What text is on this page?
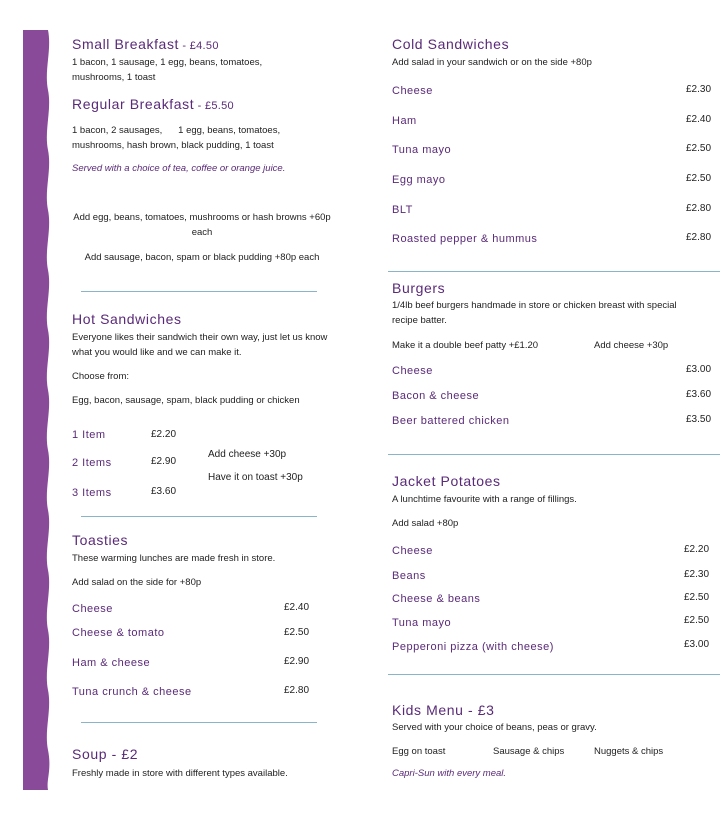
Small Breakfast - £4.50
1 bacon, 1 sausage, 1 egg, beans, tomatoes, mushrooms, 1 toast
Regular Breakfast - £5.50
1 bacon, 2 sausages,      1 egg, beans, tomatoes,
mushrooms, hash brown, black pudding, 1 toast
Served with a choice of tea, coffee or orange juice.
Add egg, beans, tomatoes, mushrooms or hash browns +60p each
Add sausage, bacon, spam or black pudding +80p each
Hot Sandwiches
Everyone likes their sandwich their own way, just let us know what you would like and we can make it.
Choose from:
Egg, bacon, sausage, spam, black pudding or chicken
1 Item	£2.20
2 Items	£2.90
3 Items	£3.60
Add cheese +30p
Have it on toast +30p
Toasties
These warming lunches are made fresh in store.
Add salad on the side for +80p
Cheese	£2.40
Cheese & tomato	£2.50
Ham & cheese	£2.90
Tuna crunch & cheese	£2.80
Soup - £2
Freshly made in store with different types available.
Cold Sandwiches
Add salad in your sandwich or on the side +80p
Cheese	£2.30
Ham	£2.40
Tuna mayo	£2.50
Egg mayo	£2.50
BLT	£2.80
Roasted pepper & hummus	£2.80
Burgers
1/4lb beef burgers handmade in store or chicken breast with special recipe batter.
Make it a double beef patty +£1.20	Add cheese +30p
Cheese	£3.00
Bacon & cheese	£3.60
Beer battered chicken	£3.50
Jacket Potatoes
A lunchtime favourite with a range of fillings.
Add salad +80p
Cheese	£2.20
Beans	£2.30
Cheese & beans	£2.50
Tuna mayo	£2.50
Pepperoni pizza (with cheese)	£3.00
Kids Menu - £3
Served with your choice of beans, peas or gravy.
Egg on toast	Sausage & chips	Nuggets & chips
Capri-Sun with every meal.
